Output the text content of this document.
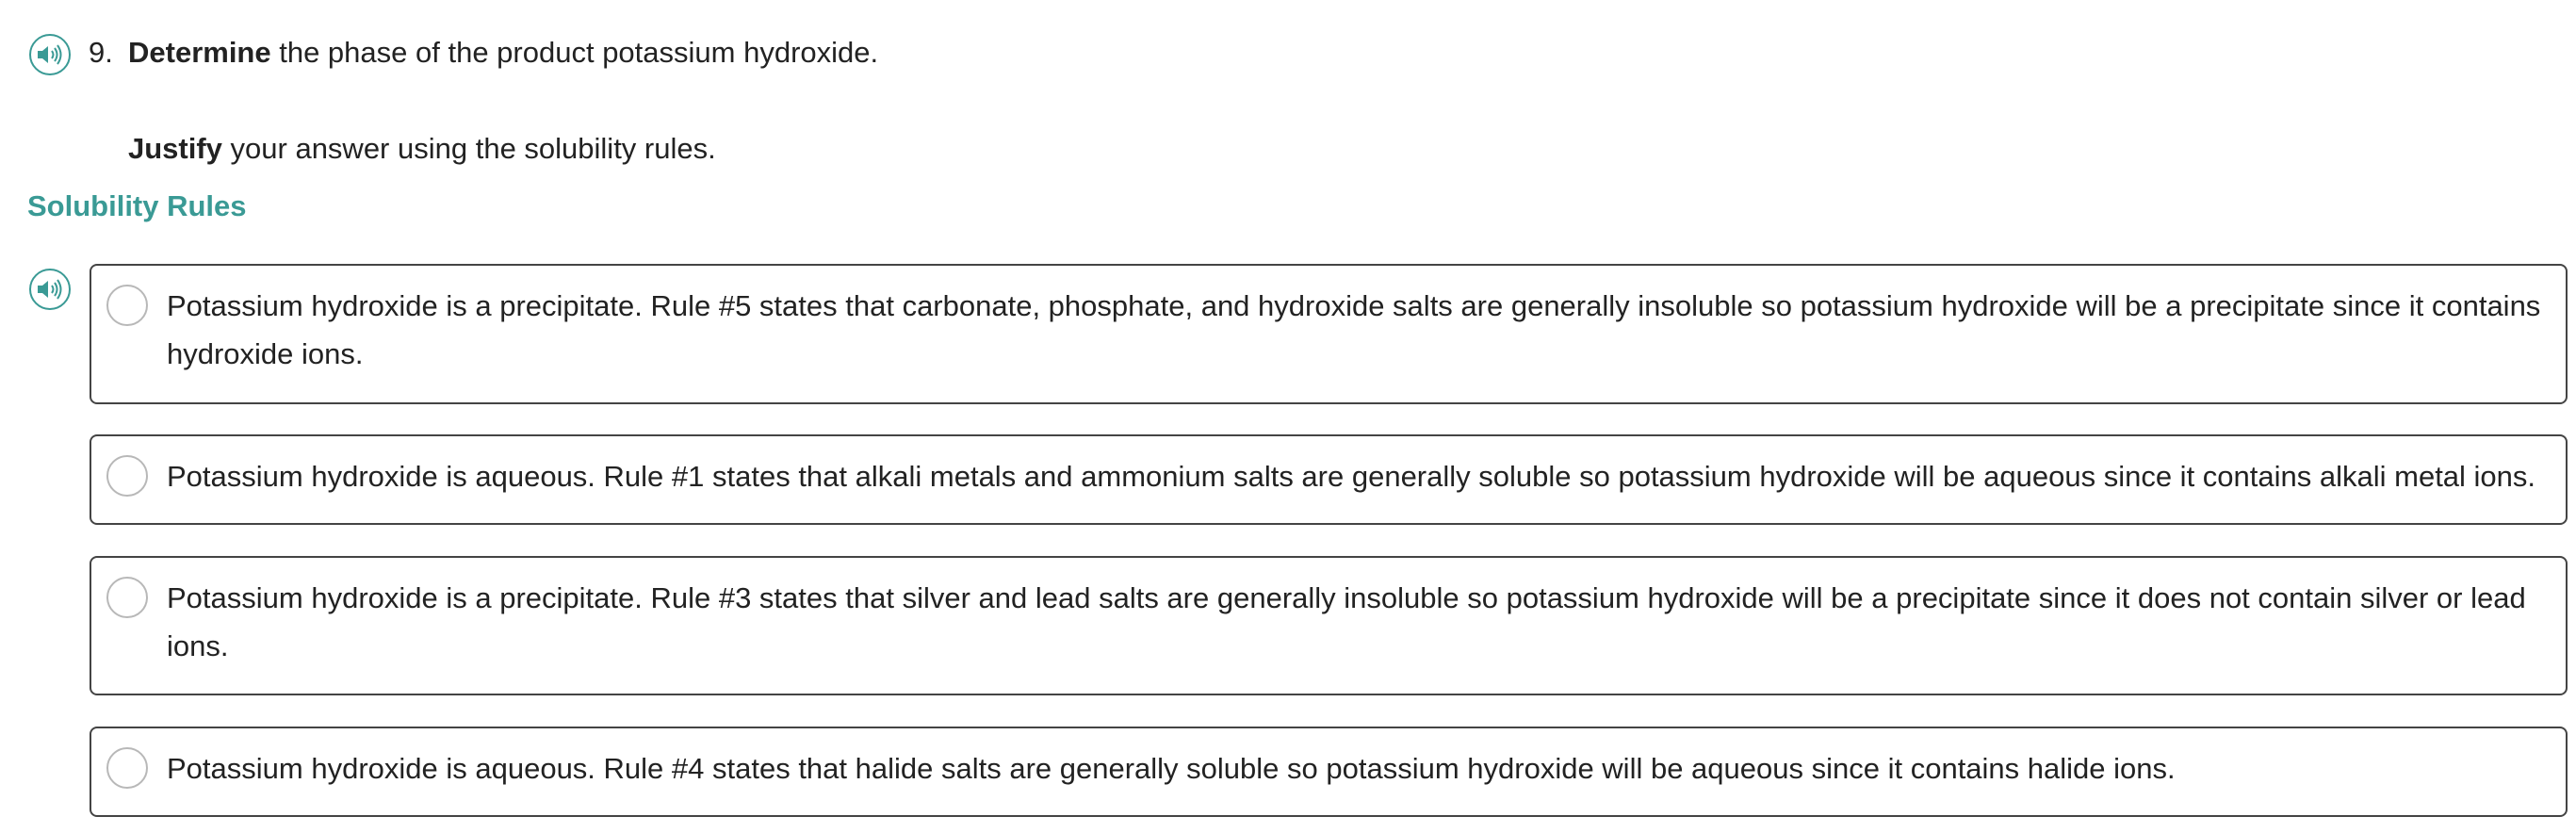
9. Determine the phase of the product potassium hydroxide.
Justify your answer using the solubility rules.
Solubility Rules
Potassium hydroxide is a precipitate. Rule #5 states that carbonate, phosphate, and hydroxide salts are generally insoluble so potassium hydroxide will be a precipitate since it contains hydroxide ions.
Potassium hydroxide is aqueous. Rule #1 states that alkali metals and ammonium salts are generally soluble so potassium hydroxide will be aqueous since it contains alkali metal ions.
Potassium hydroxide is a precipitate. Rule #3 states that silver and lead salts are generally insoluble so potassium hydroxide will be a precipitate since it does not contain silver or lead ions.
Potassium hydroxide is aqueous. Rule #4 states that halide salts are generally soluble so potassium hydroxide will be aqueous since it contains halide ions.
